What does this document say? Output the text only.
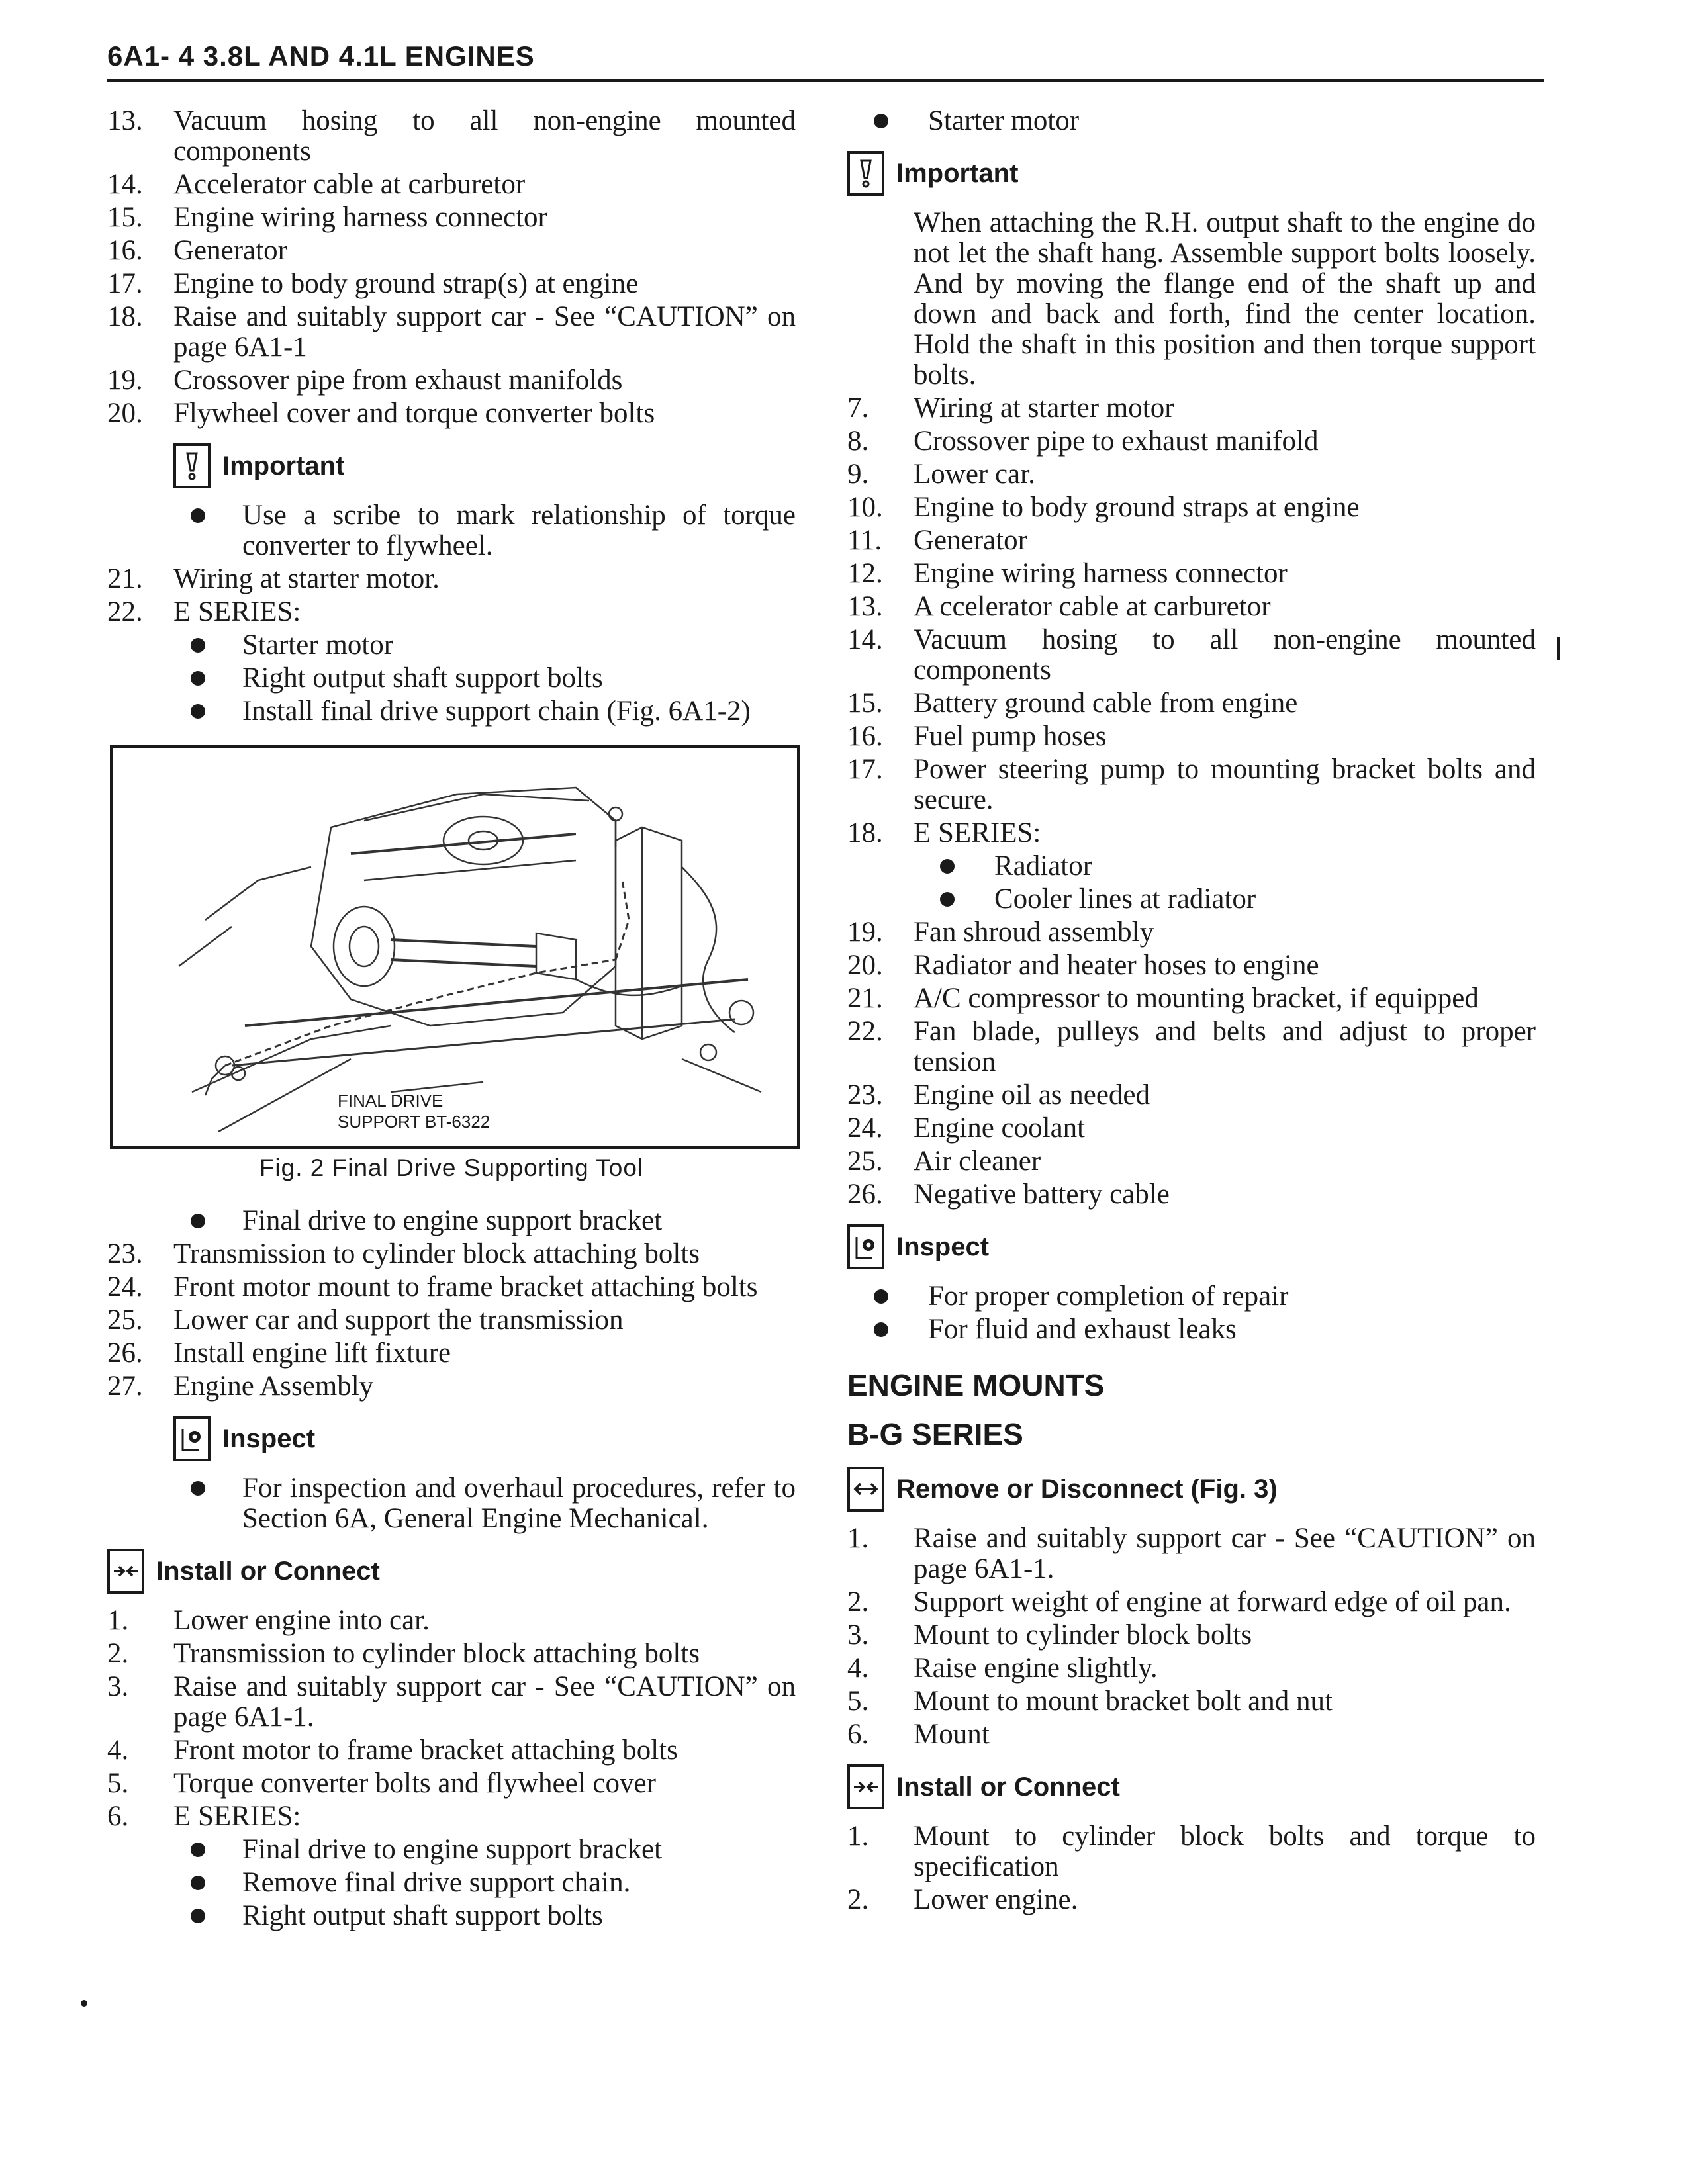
6A1- 4 3.8L AND 4.1L ENGINES
13.	Vacuum hosing to all non-engine mounted components
14.	Accelerator cable at carburetor
15.	Engine wiring harness connector
16.	Generator
17.	Engine to body ground strap(s) at engine
18.	Raise and suitably support car - See “CAUTION” on page 6A1-1
19.	Crossover pipe from exhaust manifolds
20.	Flywheel cover and torque converter bolts
Important
Use a scribe to mark relationship of torque converter to flywheel.
21.	Wiring at starter motor.
22.	E SERIES:
Starter motor
Right output shaft support bolts
Install final drive support chain (Fig. 6A1-2)
FINAL DRIVE
SUPPORT BT-6322
Fig. 2 Final Drive Supporting Tool
Final drive to engine support bracket
23.	Transmission to cylinder block attaching bolts
24.	Front motor mount to frame bracket attaching bolts
25.	Lower car and support the transmission
26.	Install engine lift fixture
27.	Engine Assembly
Inspect
For inspection and overhaul procedures, refer to Section 6A, General Engine Mechanical.
Install or Connect
1.	Lower engine into car.
2.	Transmission to cylinder block attaching bolts
3.	Raise and suitably support car - See “CAUTION” on page 6A1-1.
4.	Front motor to frame bracket attaching bolts
5.	Torque converter bolts and flywheel cover
6.	E SERIES:
Final drive to engine support bracket
Remove final drive support chain.
Right output shaft support bolts
Starter motor
Important
When attaching the R.H. output shaft to the engine do not let the shaft hang. Assemble support bolts loosely. And by moving the flange end of the shaft up and down and back and forth, find the center location. Hold the shaft in this position and then torque support bolts.
7.	Wiring at starter motor
8.	Crossover pipe to exhaust manifold
9.	Lower car.
10.	Engine to body ground straps at engine
11.	Generator
12.	Engine wiring harness connector
13.	A ccelerator cable at carburetor
14.	Vacuum hosing to all non-engine mounted components
15.	Battery ground cable from engine
16.	Fuel pump hoses
17.	Power steering pump to mounting bracket bolts and secure.
18.	E SERIES:
Radiator
Cooler lines at radiator
19.	Fan shroud assembly
20.	Radiator and heater hoses to engine
21.	A/C compressor to mounting bracket, if equipped
22.	Fan blade, pulleys and belts and adjust to proper tension
23.	Engine oil as needed
24.	Engine coolant
25.	Air cleaner
26.	Negative battery cable
Inspect
For proper completion of repair
For fluid and exhaust leaks
ENGINE MOUNTS
B-G SERIES
Remove or Disconnect (Fig. 3)
1.	Raise and suitably support car - See “CAUTION” on page 6A1-1.
2.	Support weight of engine at forward edge of oil pan.
3.	Mount to cylinder block bolts
4.	Raise engine slightly.
5.	Mount to mount bracket bolt and nut
6.	Mount
Install or Connect
1.	Mount to cylinder block bolts and torque to specification
2.	Lower engine.
